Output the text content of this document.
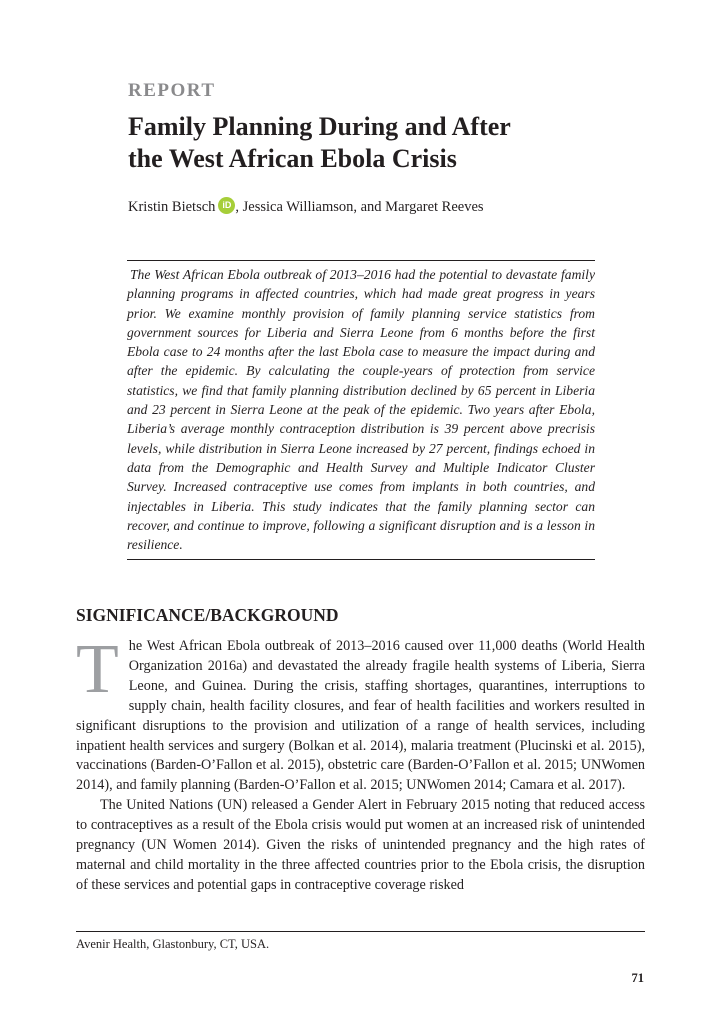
REPORT
Family Planning During and After
the West African Ebola Crisis
Kristin Bietsch iD , Jessica Williamson, and Margaret Reeves

The West African Ebola outbreak of 2013–2016 had the potential to devastate family planning programs in affected countries, which had made great progress in years prior. We examine monthly provision of family planning service statistics from government sources for Liberia and Sierra Leone from 6 months before the first Ebola case to 24 months after the last Ebola case to measure the impact during and after the epidemic. By calculating the couple-years of protection from service statistics, we find that family planning distribution declined by 65 percent in Liberia and 23 percent in Sierra Leone at the peak of the epidemic. Two years after Ebola, Liberia’s average monthly contraception distribution is 39 percent above precrisis levels, while distribution in Sierra Leone increased by 27 percent, findings echoed in data from the Demographic and Health Survey and Multiple Indicator Cluster Survey. Increased contraceptive use comes from implants in both countries, and injectables in Liberia. This study indicates that the family planning sector can recover, and continue to improve, following a significant disruption and is a lesson in resilience.

SIGNIFICANCE/BACKGROUND

The West African Ebola outbreak of 2013–2016 caused over 11,000 deaths (World Health Organization 2016a) and devastated the already fragile health systems of Liberia, Sierra Leone, and Guinea. During the crisis, staffing shortages, quarantines, interruptions to supply chain, health facility closures, and fear of health facilities and workers resulted in significant disruptions to the provision and utilization of a range of health services, including inpatient health services and surgery (Bolkan et al. 2014), malaria treatment (Plucinski et al. 2015), vaccinations (Barden-O’Fallon et al. 2015), obstetric care (Barden-O’Fallon et al. 2015; UNWomen 2014), and family planning (Barden-O’Fallon et al. 2015; UNWomen 2014; Camara et al. 2017).

The United Nations (UN) released a Gender Alert in February 2015 noting that reduced access to contraceptives as a result of the Ebola crisis would put women at an increased risk of unintended pregnancy (UN Women 2014). Given the risks of unintended pregnancy and the high rates of maternal and child mortality in the three affected countries prior to the Ebola crisis, the disruption of these services and potential gaps in contraceptive coverage risked

Avenir Health, Glastonbury, CT, USA.
71
